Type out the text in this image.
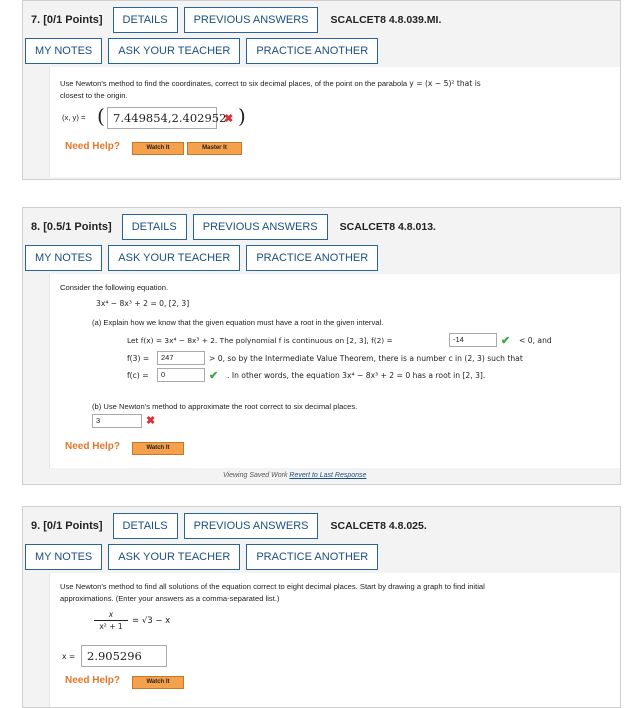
7. [0/1 Points]	DETAILS	PREVIOUS ANSWERS	SCALCET8 4.8.039.MI.
MY NOTES	ASK YOUR TEACHER	PRACTICE ANOTHER
Use Newton's method to find the coordinates, correct to six decimal places, of the point on the parabola y = (x − 5)² that is
closest to the origin.
(x, y) = ( 7.449854,2.402952
✖ )
Need Help?	Watch It	Master It
8. [0.5/1 Points]	DETAILS	PREVIOUS ANSWERS	SCALCET8 4.8.013.
MY NOTES	ASK YOUR TEACHER	PRACTICE ANOTHER
Consider the following equation.
3x⁴ − 8x³ + 2 = 0, [2, 3]
(a) Explain how we know that the given equation must have a root in the given interval.
Let f(x) = 3x⁴ − 8x³ + 2. The polynomial f is continuous on [2, 3], f(2) =	-14	✔ < 0, and
f(3) =	247	> 0, so by the Intermediate Value Theorem, there is a number c in (2, 3) such that
f(c) =	0	✔ . In other words, the equation 3x⁴ − 8x³ + 2 = 0 has a root in [2, 3].
(b) Use Newton's method to approximate the root correct to six decimal places.
3	✖
Need Help?	Watch It
Viewing Saved Work Revert to Last Response
9. [0/1 Points]	DETAILS	PREVIOUS ANSWERS	SCALCET8 4.8.025.
MY NOTES	ASK YOUR TEACHER	PRACTICE ANOTHER
Use Newton's method to find all solutions of the equation correct to eight decimal places. Start by drawing a graph to find initial
approximations. (Enter your answers as a comma-separated list.)
$\frac{x}{\text{x² + 1}} = √3 - x$
x =	2.905296
Need Help?	Watch It
